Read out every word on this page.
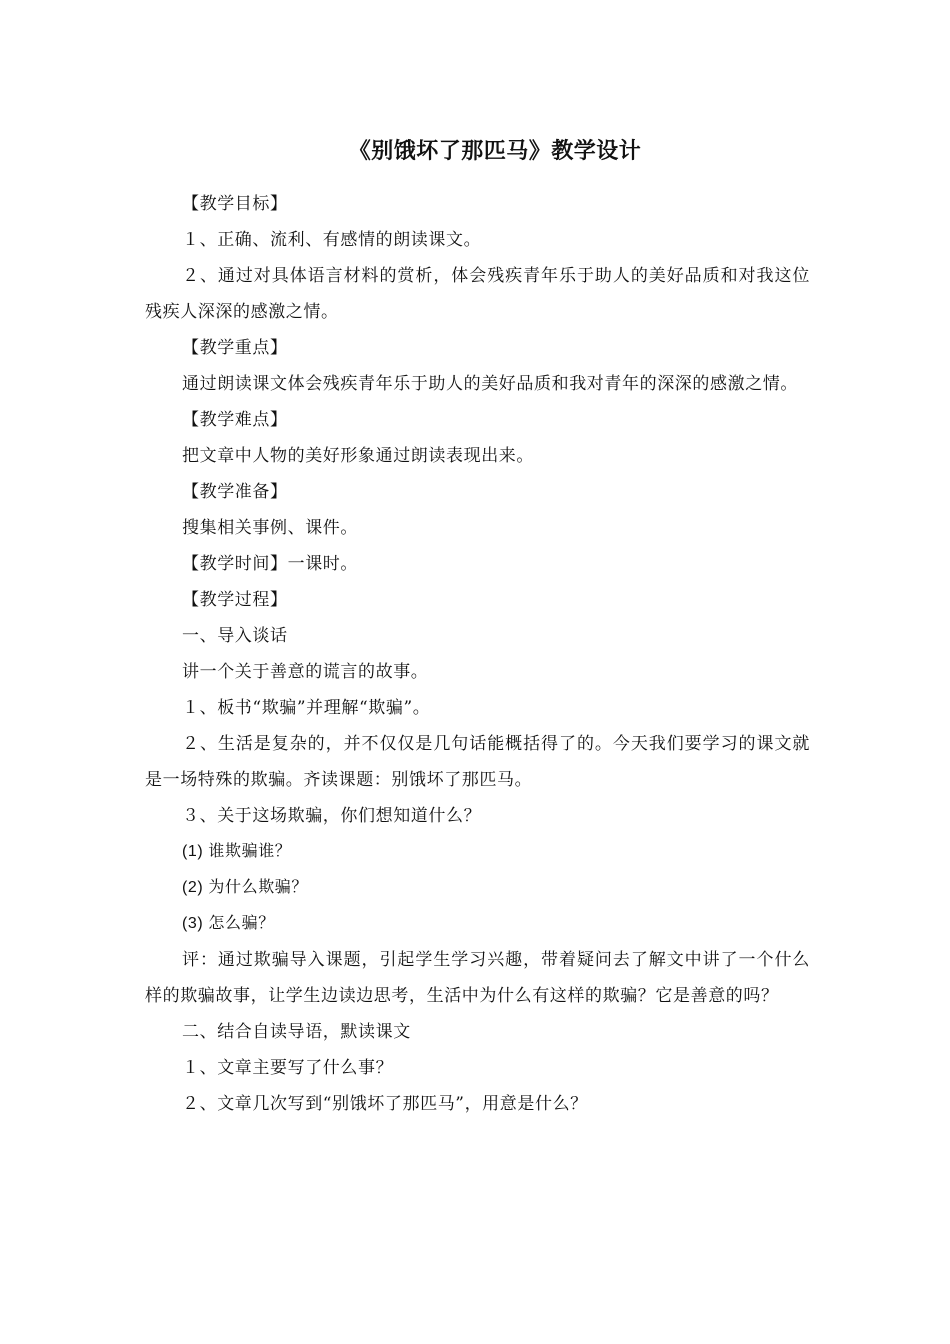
《别饿坏了那匹马》教学设计

【教学目标】

１、正确、流利、有感情的朗读课文。

２、通过对具体语言材料的赏析，体会残疾青年乐于助人的美好品质和对我这位残疾人深深的感激之情。

【教学重点】

通过朗读课文体会残疾青年乐于助人的美好品质和我对青年的深深的感激之情。

【教学难点】

把文章中人物的美好形象通过朗读表现出来。

【教学准备】

搜集相关事例、课件。

【教学时间】一课时。

【教学过程】

一、导入谈话

讲一个关于善意的谎言的故事。

１、板书“欺骗”并理解“欺骗”。

２、生活是复杂的，并不仅仅是几句话能概括得了的。今天我们要学习的课文就是一场特殊的欺骗。齐读课题：别饿坏了那匹马。

３、关于这场欺骗，你们想知道什么？

(1) 谁欺骗谁？

(2) 为什么欺骗？

(3) 怎么骗？

评：通过欺骗导入课题，引起学生学习兴趣，带着疑问去了解文中讲了一个什么样的欺骗故事，让学生边读边思考，生活中为什么有这样的欺骗？它是善意的吗？

二、结合自读导语，默读课文

１、文章主要写了什么事？

２、文章几次写到“别饿坏了那匹马”，用意是什么？
